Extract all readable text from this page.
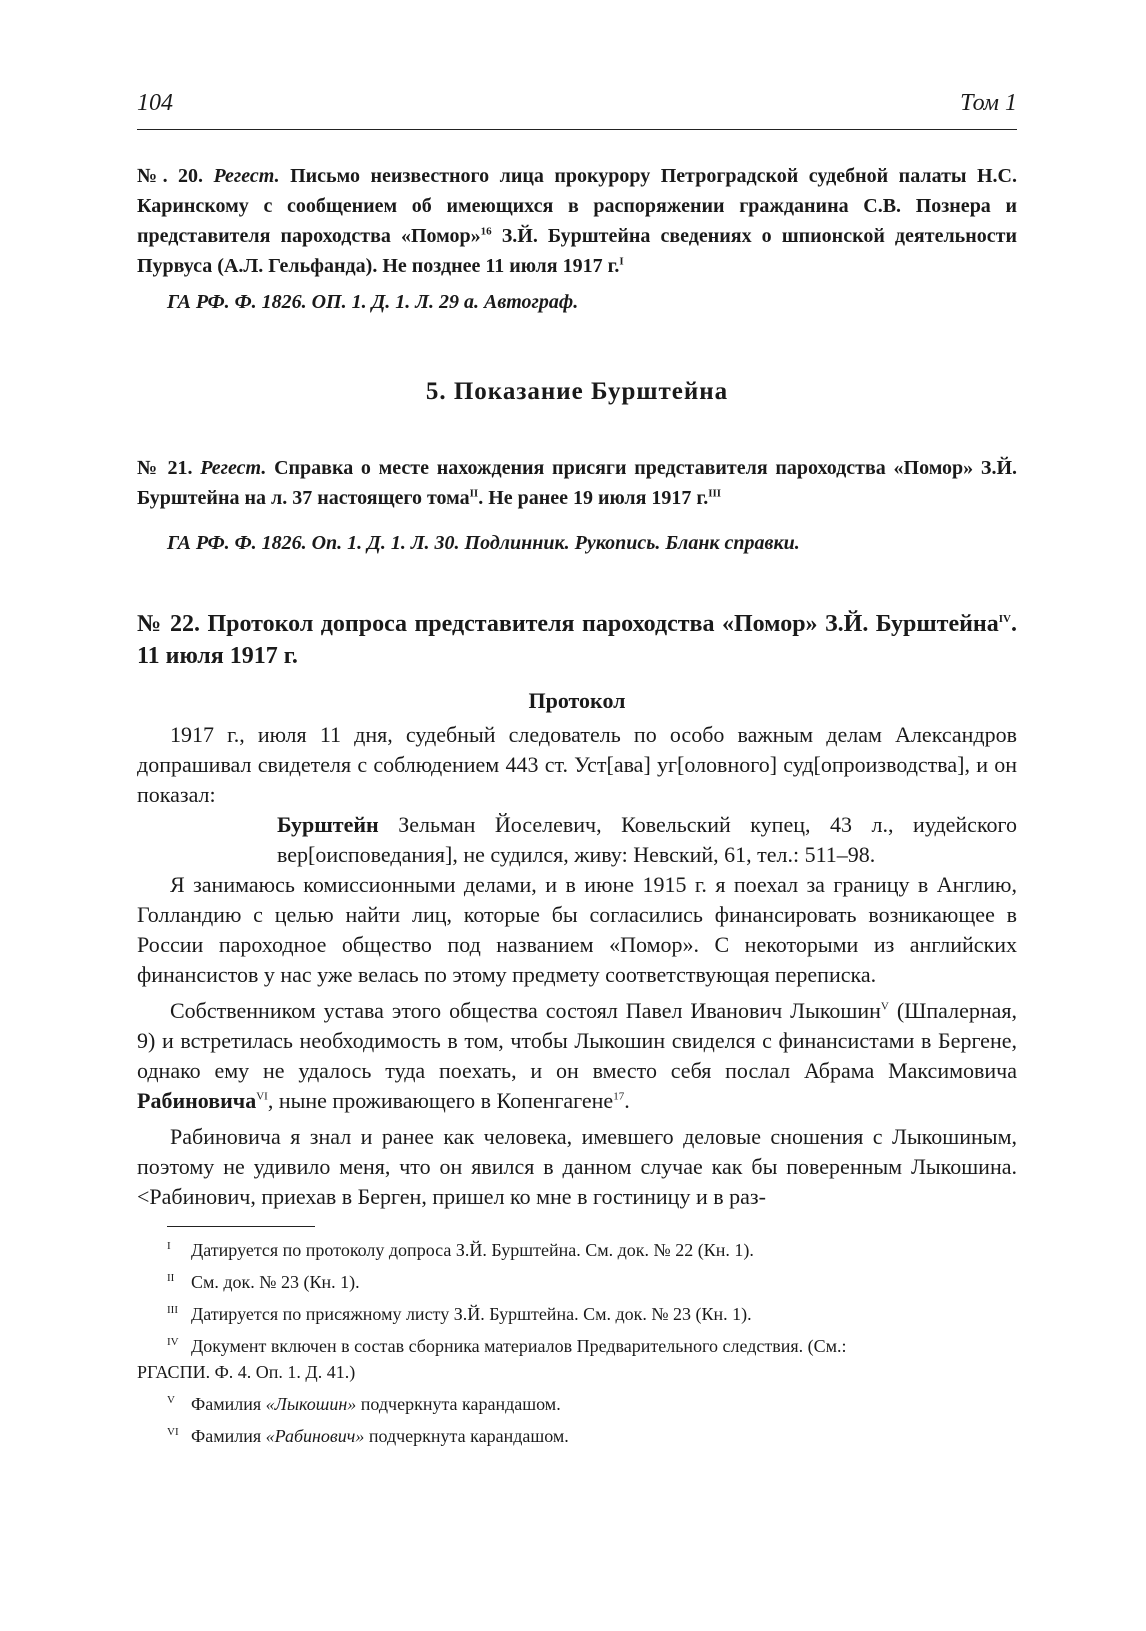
104	Том 1
№. 20. Регест. Письмо неизвестного лица прокурору Петроградской судебной палаты Н.С. Каринскому с сообщением об имеющихся в распоряжении гражданина С.В. Познера и представителя пароходства «Помор»$^{16}$ З.Й. Бурштейна сведениях о шпионской деятельности Пурвуса (А.Л. Гельфанда). Не позднее 11 июля 1917 г.$^I$
ГА РФ. Ф. 1826. ОП. 1. Д. 1. Л. 29 а. Автограф.
5. Показание Бурштейна
№ 21. Регест. Справка о месте нахождения присяги представителя пароходства «Помор» З.Й. Бурштейна на л. 37 настоящего тома$^{II}$. Не ранее 19 июля 1917 г.$^{III}$
ГА РФ. Ф. 1826. Оп. 1. Д. 1. Л. 30. Подлинник. Рукопись. Бланк справки.
№ 22. Протокол допроса представителя пароходства «Помор» З.Й. Бурштейна$^{IV}$. 11 июля 1917 г.
Протокол

1917 г., июля 11 дня, судебный следователь по особо важным делам Александров допрашивал свидетеля с соблюдением 443 ст. Уст[ава] уг[оловного] суд[опроизводства], и он показал:

Бурштейн Зельман Йоселевич, Ковельский купец, 43 л., иудейского вер[оисповедания], не судился, живу: Невский, 61, тел.: 511–98.

Я занимаюсь комиссионными делами, и в июне 1915 г. я поехал за границу в Англию, Голландию с целью найти лиц, которые бы согласились финансировать возникающее в России пароходное общество под названием «Помор». С некоторыми из английских финансистов у нас уже велась по этому предмету соответствующая переписка.

Собственником устава этого общества состоял Павел Иванович Лыкошин$^V$ (Шпалерная, 9) и встретилась необходимость в том, чтобы Лыкошин свиделся с финансистами в Бергене, однако ему не удалось туда поехать, и он вместо себя послал Абрама Максимовича Рабиновича$^{VI}$, ныне проживающего в Копенгагене$^{17}$.

Рабиновича я знал и ранее как человека, имевшего деловые сношения с Лыкошиным, поэтому не удивило меня, что он явился в данном случае как бы поверенным Лыкошина. <Рабинович, приехав в Берген, пришел ко мне в гостиницу и в раз-

I Датируется по протоколу допроса З.Й. Бурштейна. См. док. № 22 (Кн. 1).
II См. док. № 23 (Кн. 1).
III Датируется по присяжному листу З.Й. Бурштейна. См. док. № 23 (Кн. 1).
IV Документ включен в состав сборника материалов Предварительного следствия. (См.:
РГАСПИ. Ф. 4. Оп. 1. Д. 41.)
V Фамилия «Лыкошин» подчеркнута карандашом.
VI Фамилия «Рабинович» подчеркнута карандашом.
